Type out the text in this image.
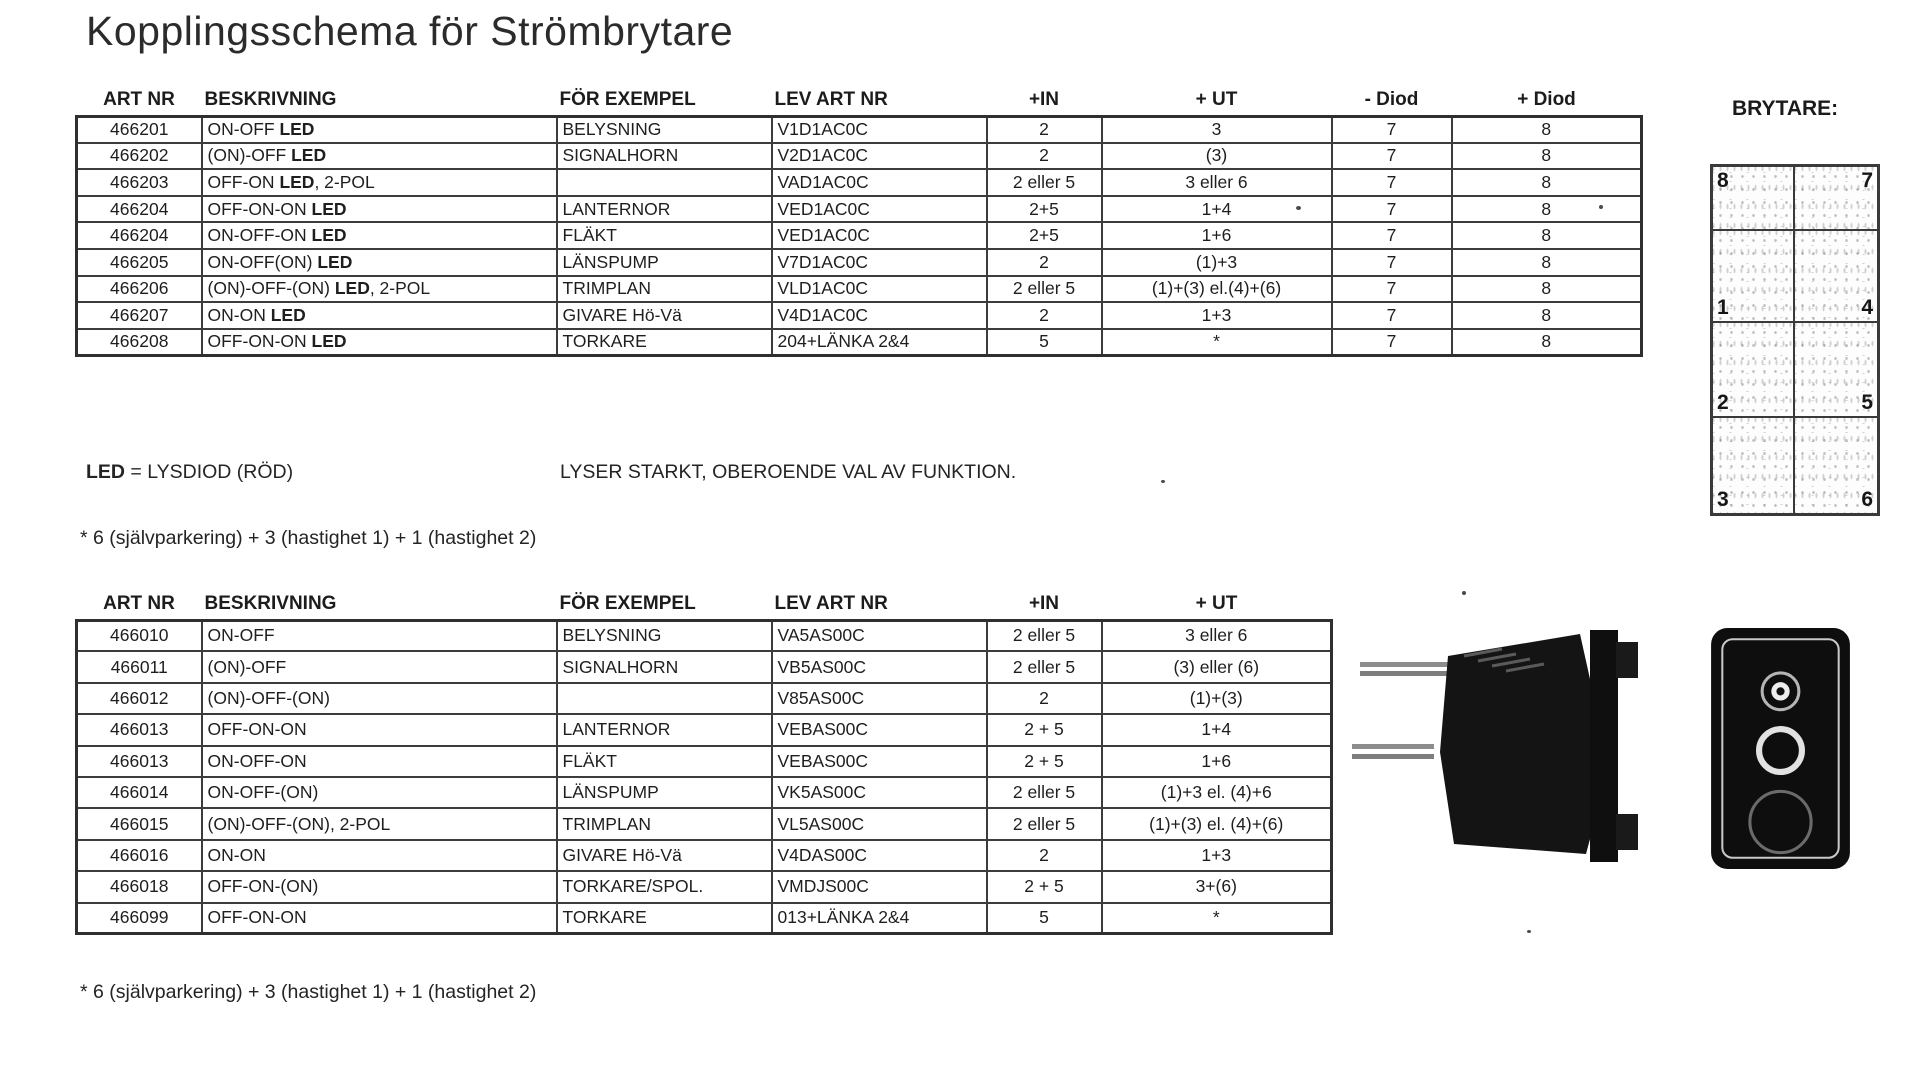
Kopplingsschema för Strömbrytare
ART NR	BESKRIVNING	FÖR EXEMPEL	LEV ART NR	+IN	+ UT	- Diod	+ Diod
466201	ON-OFF LED	BELYSNING	V1D1AC0C	2	3	7	8
466202	(ON)-OFF LED	SIGNALHORN	V2D1AC0C	2	(3)	7	8
466203	OFF-ON LED, 2-POL		VAD1AC0C	2 eller 5	3 eller 6	7	8
466204	OFF-ON-ON LED	LANTERNOR	VED1AC0C	2+5	1+4	7	8
466204	ON-OFF-ON LED	FLÄKT	VED1AC0C	2+5	1+6	7	8
466205	ON-OFF(ON) LED	LÄNSPUMP	V7D1AC0C	2	(1)+3	7	8
466206	(ON)-OFF-(ON) LED, 2-POL	TRIMPLAN	VLD1AC0C	2 eller 5	(1)+(3) el.(4)+(6)	7	8
466207	ON-ON LED	GIVARE Hö-Vä	V4D1AC0C	2	1+3	7	8
466208	OFF-ON-ON LED	TORKARE	204+LÄNKA 2&4	5	*	7	8
LED = LYSDIOD (RÖD)	LYSER STARKT, OBEROENDE VAL AV FUNKTION.
* 6 (självparkering) + 3 (hastighet 1) + 1 (hastighet 2)
ART NR	BESKRIVNING	FÖR EXEMPEL	LEV ART NR	+IN	+ UT
466010	ON-OFF	BELYSNING	VA5AS00C	2 eller 5	3 eller 6
466011	(ON)-OFF	SIGNALHORN	VB5AS00C	2 eller 5	(3) eller (6)
466012	(ON)-OFF-(ON)		V85AS00C	2	(1)+(3)
466013	OFF-ON-ON	LANTERNOR	VEBAS00C	2 + 5	1+4
466013	ON-OFF-ON	FLÄKT	VEBAS00C	2 + 5	1+6
466014	ON-OFF-(ON)	LÄNSPUMP	VK5AS00C	2 eller 5	(1)+3 el. (4)+6
466015	(ON)-OFF-(ON), 2-POL	TRIMPLAN	VL5AS00C	2 eller 5	(1)+(3) el. (4)+(6)
466016	ON-ON	GIVARE Hö-Vä	V4DAS00C	2	1+3
466018	OFF-ON-(ON)	TORKARE/SPOL.	VMDJS00C	2 + 5	3+(6)
466099	OFF-ON-ON	TORKARE	013+LÄNKA 2&4	5	*
* 6 (självparkering) + 3 (hastighet 1) + 1 (hastighet 2)
BRYTARE:
8	7
1	4
2	5
3	6
